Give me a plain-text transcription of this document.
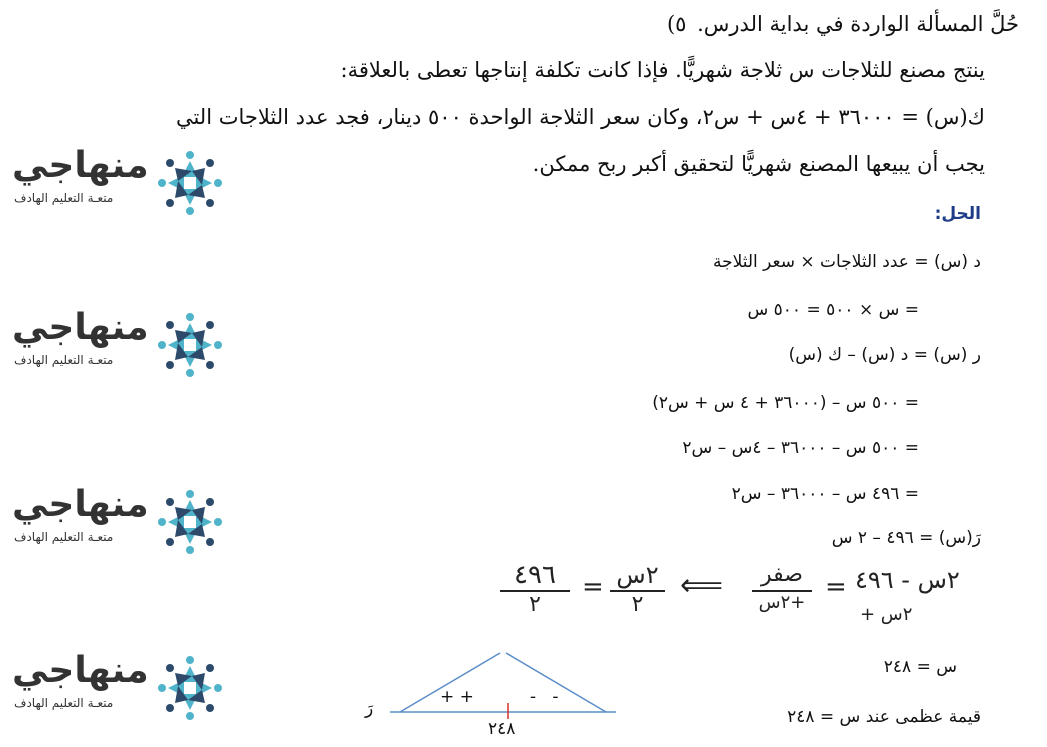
حُلَّ المسألة الواردة في بداية الدرس. ٥)
ينتج مصنع للثلاجات س ثلاجة شهريًّا. فإذا كانت تكلفة إنتاجها تعطى بالعلاقة:
ك(س) = ٣٦٠٠٠ + ٤س + س٢، وكان سعر الثلاجة الواحدة ٥٠٠ دينار، فجد عدد الثلاجات التي
يجب أن يبيعها المصنع شهريًّا لتحقيق أكبر ربح ممكن.
الحل:
د (س) = عدد الثلاجات × سعر الثلاجة
= س × ٥٠٠ = ٥٠٠ س
ر (س) = د (س) – ك (س)
= ٥٠٠ س – (٣٦٠٠٠ + ٤ س + س٢)
= ٥٠٠ س – ٣٦٠٠٠ – ٤س – س٢
= ٤٩٦ س – ٣٦٠٠٠ – س٢
رَ(س) = ٤٩٦ – ٢ س
٤٩٦
٢
= ٢س
٢
⟸	صفر
٢س+
= ٢س - ٤٩٦
٢س +
س = ٢٤٨
قيمة عظمى عند س = ٢٤٨
رَ
+ +	-   -
٢٤٨
منهاجي
متعـة التعليم الهادف
منهاجي
متعـة التعليم الهادف
منهاجي
متعـة التعليم الهادف
منهاجي
متعـة التعليم الهادف
